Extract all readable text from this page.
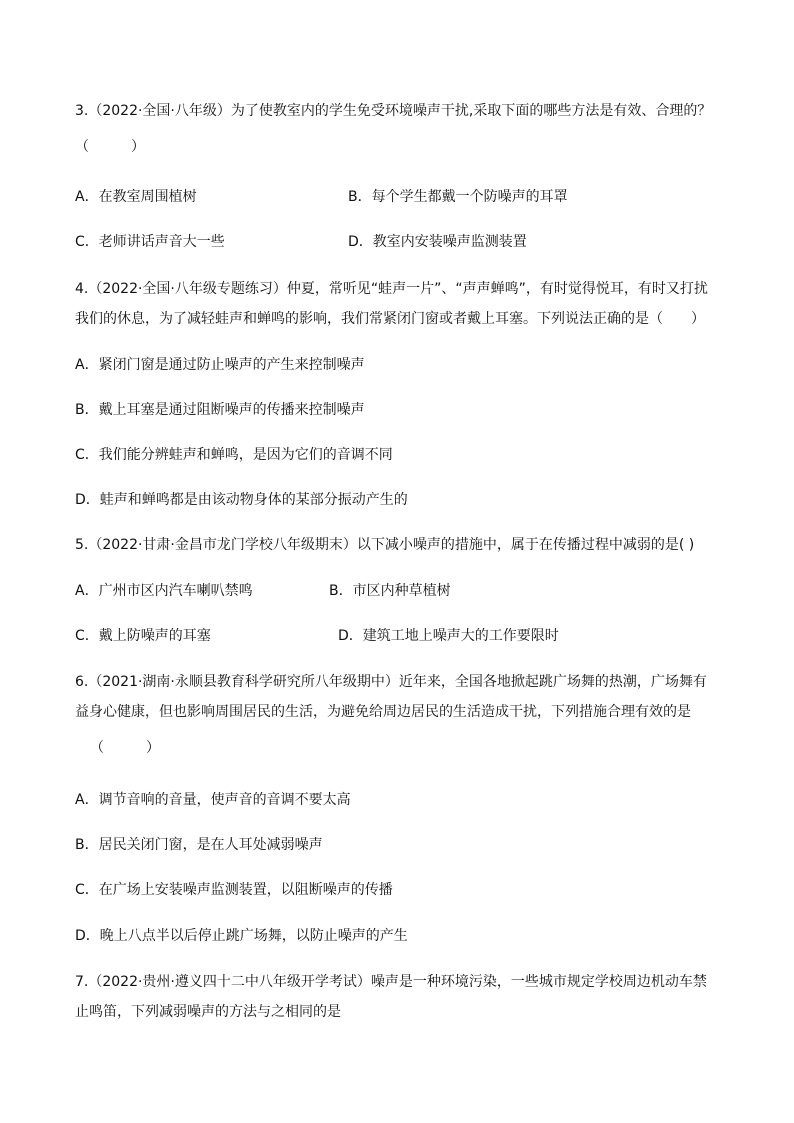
3.（2022·全国·八年级）为了使教室内的学生免受环境噪声干扰,采取下面的哪些方法是有效、合理的？
（　　　）
A．在教室周围植树	B．每个学生都戴一个防噪声的耳罩
C．老师讲话声音大一些	D．教室内安装噪声监测装置
4.（2022·全国·八年级专题练习）仲夏，常听见“蛙声一片”、“声声蝉鸣”，有时觉得悦耳，有时又打扰
我们的休息，为了减轻蛙声和蝉鸣的影响，我们常紧闭门窗或者戴上耳塞。下列说法正确的是（　　）
A．紧闭门窗是通过防止噪声的产生来控制噪声
B．戴上耳塞是通过阻断噪声的传播来控制噪声
C．我们能分辨蛙声和蝉鸣，是因为它们的音调不同
D．蛙声和蝉鸣都是由该动物身体的某部分振动产生的
5.（2022·甘肃·金昌市龙门学校八年级期末）以下减小噪声的措施中，属于在传播过程中减弱的是( )
A．广州市区内汽车喇叭禁鸣	B．市区内种草植树
C．戴上防噪声的耳塞	D．建筑工地上噪声大的工作要限时
6.（2021·湖南·永顺县教育科学研究所八年级期中）近年来，全国各地掀起跳广场舞的热潮，广场舞有
益身心健康，但也影响周围居民的生活，为避免给周边居民的生活造成干扰，下列措施合理有效的是
（　　　）
A．调节音响的音量，使声音的音调不要太高
B．居民关闭门窗，是在人耳处减弱噪声
C．在广场上安装噪声监测装置，以阻断噪声的传播
D．晚上八点半以后停止跳广场舞，以防止噪声的产生
7.（2022·贵州·遵义四十二中八年级开学考试）噪声是一种环境污染，一些城市规定学校周边机动车禁
止鸣笛，下列减弱噪声的方法与之相同的是
